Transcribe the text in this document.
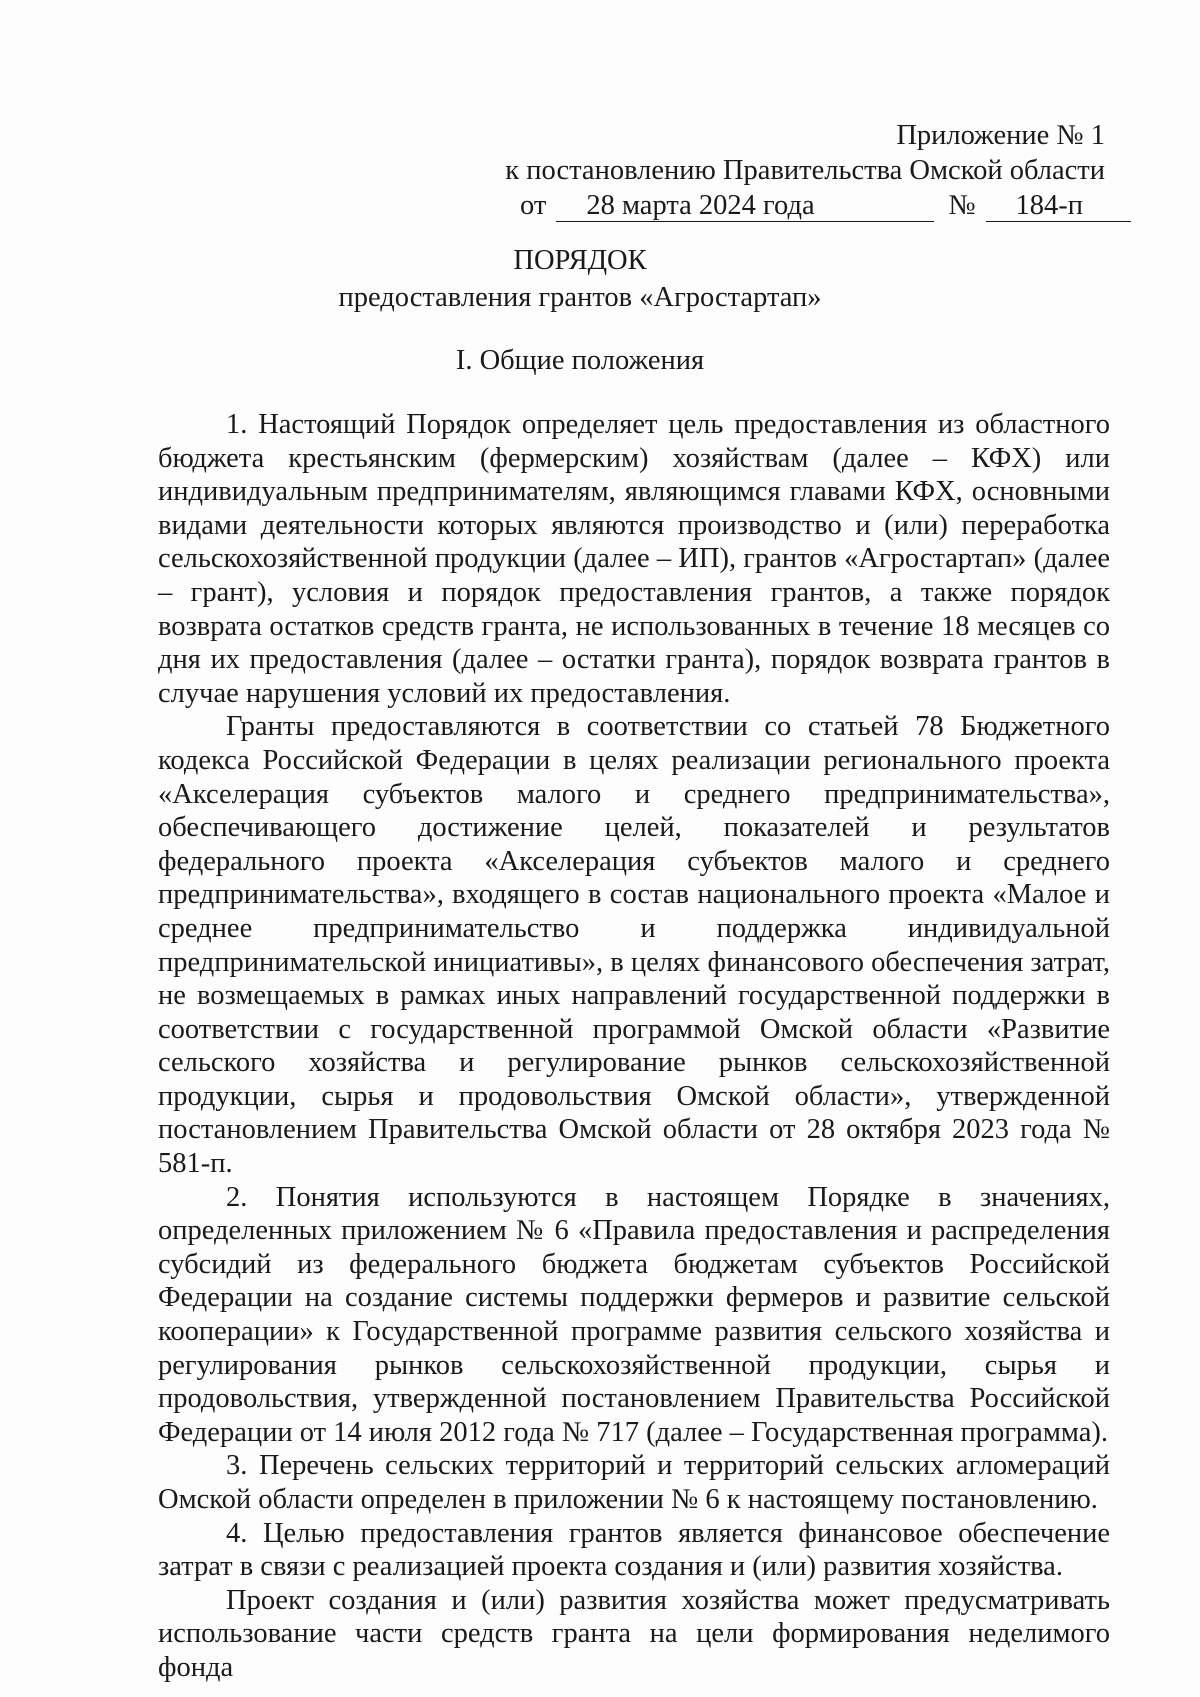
Приложение № 1
к постановлению Правительства Омской области
от 28 марта 2024 года	№ 184-п
ПОРЯДОК
предоставления грантов «Агростартап»
I. Общие положения

1. Настоящий Порядок определяет цель предоставления из областного бюджета крестьянским (фермерским) хозяйствам (далее – КФХ) или индивидуальным предпринимателям, являющимся главами КФХ, основными видами деятельности которых являются производство и (или) переработка сельскохозяйственной продукции (далее – ИП), грантов «Агростартап» (далее – грант), условия и порядок предоставления грантов, а также порядок возврата остатков средств гранта, не использованных в течение 18 месяцев со дня их предоставления (далее – остатки гранта), порядок возврата грантов в случае нарушения условий их предоставления.

Гранты предоставляются в соответствии со статьей 78 Бюджетного кодекса Российской Федерации в целях реализации регионального проекта «Акселерация субъектов малого и среднего предпринимательства», обеспечивающего достижение целей, показателей и результатов федерального проекта «Акселерация субъектов малого и среднего предпринимательства», входящего в состав национального проекта «Малое и среднее предпринимательство и поддержка индивидуальной предпринимательской инициативы», в целях финансового обеспечения затрат, не возмещаемых в рамках иных направлений государственной поддержки в соответствии с государственной программой Омской области «Развитие сельского хозяйства и регулирование рынков сельскохозяйственной продукции, сырья и продовольствия Омской области», утвержденной постановлением Правительства Омской области от 28 октября 2023 года № 581-п.

2. Понятия используются в настоящем Порядке в значениях, определенных приложением № 6 «Правила предоставления и распределения субсидий из федерального бюджета бюджетам субъектов Российской Федерации на создание системы поддержки фермеров и развитие сельской кооперации» к Государственной программе развития сельского хозяйства и регулирования рынков сельскохозяйственной продукции, сырья и продовольствия, утвержденной постановлением Правительства Российской Федерации от 14 июля 2012 года № 717 (далее – Государственная программа).

3. Перечень сельских территорий и территорий сельских агломераций Омской области определен в приложении № 6 к настоящему постановлению.

4. Целью предоставления грантов является финансовое обеспечение затрат в связи с реализацией проекта создания и (или) развития хозяйства.

Проект создания и (или) развития хозяйства может предусматривать использование части средств гранта на цели формирования неделимого фонда
